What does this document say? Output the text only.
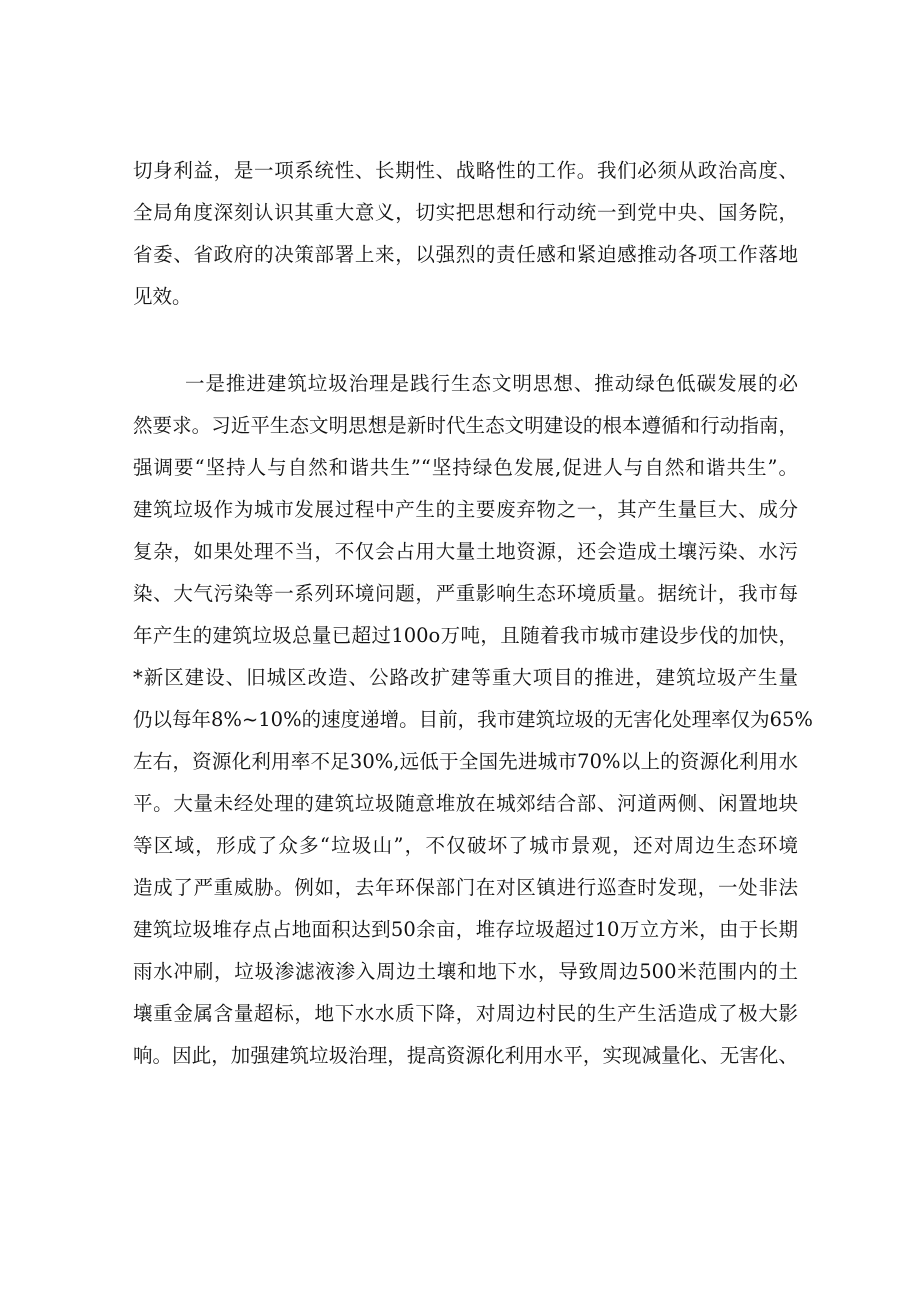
切身利益，是一项系统性、长期性、战略性的工作。我们必须从政治高度、
全局角度深刻认识其重大意义，切实把思想和行动统一到党中央、国务院，
省委、省政府的决策部署上来，以强烈的责任感和紧迫感推动各项工作落地
见效。
一是推进建筑垃圾治理是践行生态文明思想、推动绿色低碳发展的必
然要求。习近平生态文明思想是新时代生态文明建设的根本遵循和行动指南，
强调要“坚持人与自然和谐共生”“坚持绿色发展,促进人与自然和谐共生”。
建筑垃圾作为城市发展过程中产生的主要废弃物之一，其产生量巨大、成分
复杂，如果处理不当，不仅会占用大量土地资源，还会造成土壤污染、水污
染、大气污染等一系列环境问题，严重影响生态环境质量。据统计，我市每
年产生的建筑垃圾总量已超过100o万吨，且随着我市城市建设步伐的加快，
*新区建设、旧城区改造、公路改扩建等重大项目的推进，建筑垃圾产生量
仍以每年8%~10%的速度递增。目前，我市建筑垃圾的无害化处理率仅为65%
左右，资源化利用率不足30%,远低于全国先进城市70%以上的资源化利用水
平。大量未经处理的建筑垃圾随意堆放在城郊结合部、河道两侧、闲置地块
等区域，形成了众多“垃圾山”，不仅破坏了城市景观，还对周边生态环境
造成了严重威胁。例如，去年环保部门在对区镇进行巡查时发现，一处非法
建筑垃圾堆存点占地面积达到50余亩，堆存垃圾超过10万立方米，由于长期
雨水冲刷，垃圾渗滤液渗入周边土壤和地下水，导致周边500米范围内的土
壤重金属含量超标，地下水水质下降，对周边村民的生产生活造成了极大影
响。因此，加强建筑垃圾治理，提高资源化利用水平，实现减量化、无害化、
